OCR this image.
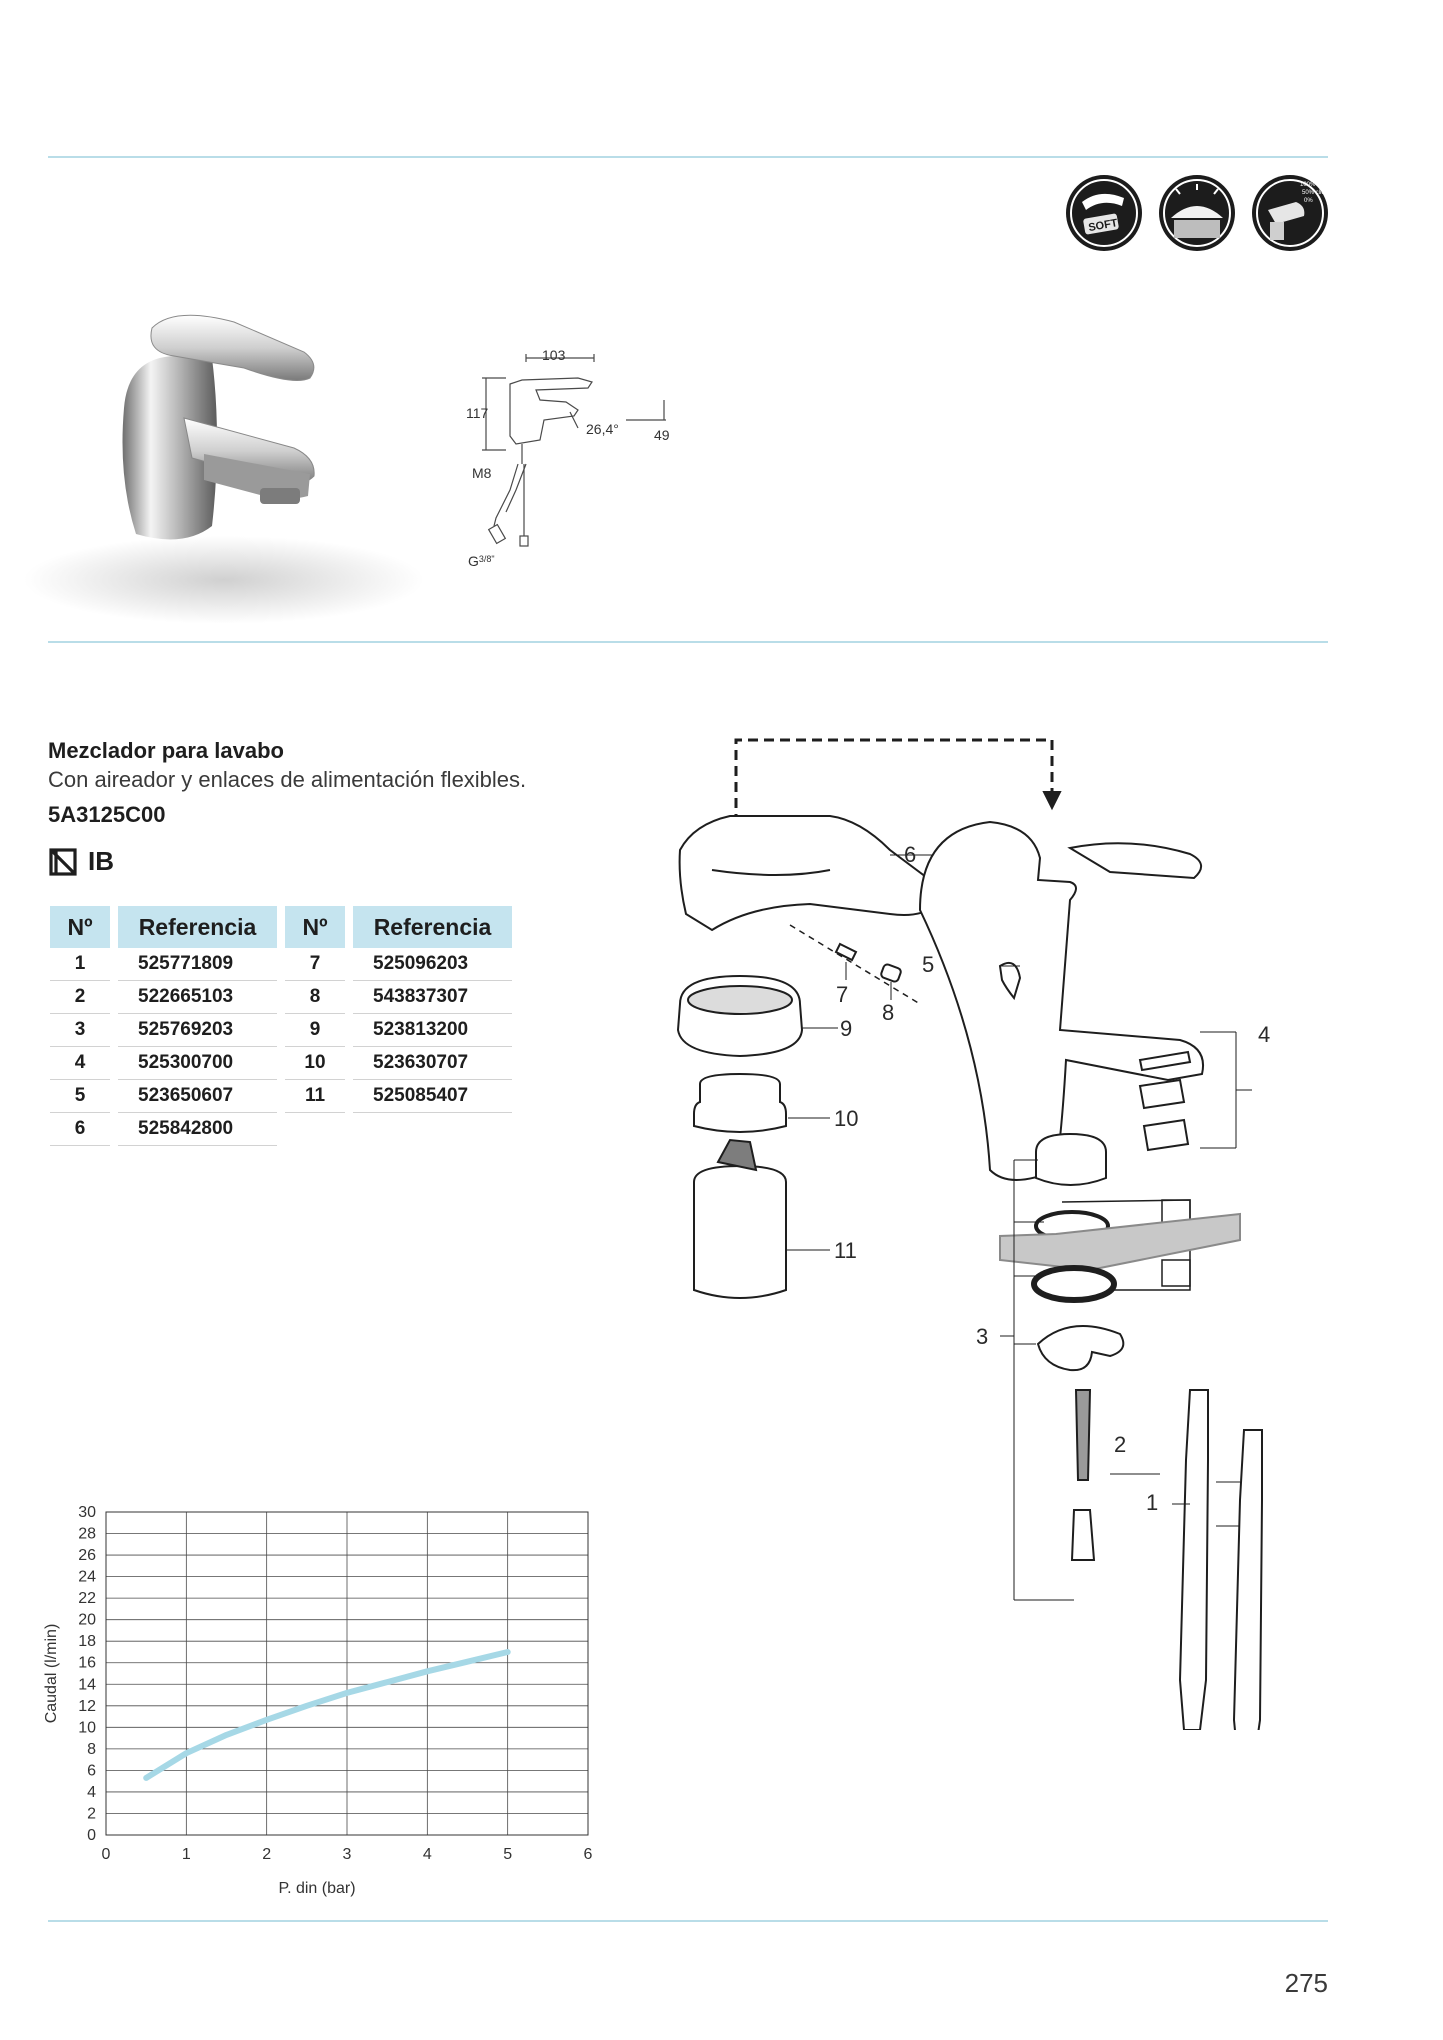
SOFT
100%
50% click
0%
103
117
26,4°	49
M8
$G^{3/8"}$
Mezclador para lavabo
Con aireador y enlaces de alimentación flexibles.
5A3125C00
IB
Nº		Referencia		Nº		Referencia
1		525771809		7		525096203
2		522665103		8		543837307
3		525769203		9		523813200
4		525300700		10		523630707
5		523650607		11		525085407
6		525842800				
0	1	2	3	4	5	6
0
2
4
6
8
10
12
14
16
18
20
22
24
26
28
30
P. din (bar)
Caudal (l/min)
1
2
3
4
5
6
7
8
9
10
11
275
